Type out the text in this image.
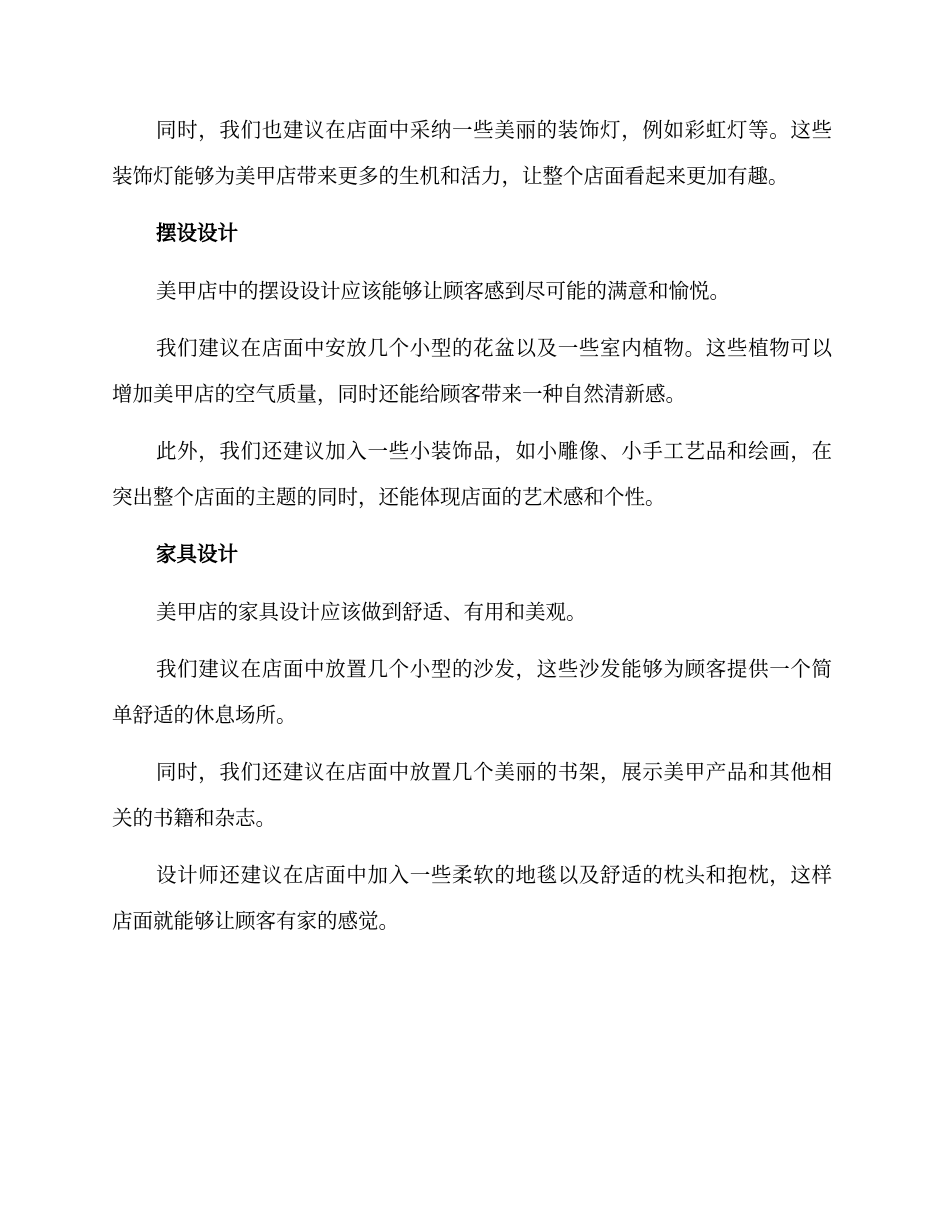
同时，我们也建议在店面中采纳一些美丽的装饰灯，例如彩虹灯等。这些装饰灯能够为美甲店带来更多的生机和活力，让整个店面看起来更加有趣。

摆设设计

美甲店中的摆设设计应该能够让顾客感到尽可能的满意和愉悦。

我们建议在店面中安放几个小型的花盆以及一些室内植物。这些植物可以增加美甲店的空气质量，同时还能给顾客带来一种自然清新感。

此外，我们还建议加入一些小装饰品，如小雕像、小手工艺品和绘画，在突出整个店面的主题的同时，还能体现店面的艺术感和个性。

家具设计

美甲店的家具设计应该做到舒适、有用和美观。

我们建议在店面中放置几个小型的沙发，这些沙发能够为顾客提供一个简单舒适的休息场所。

同时，我们还建议在店面中放置几个美丽的书架，展示美甲产品和其他相关的书籍和杂志。

设计师还建议在店面中加入一些柔软的地毯以及舒适的枕头和抱枕，这样店面就能够让顾客有家的感觉。
